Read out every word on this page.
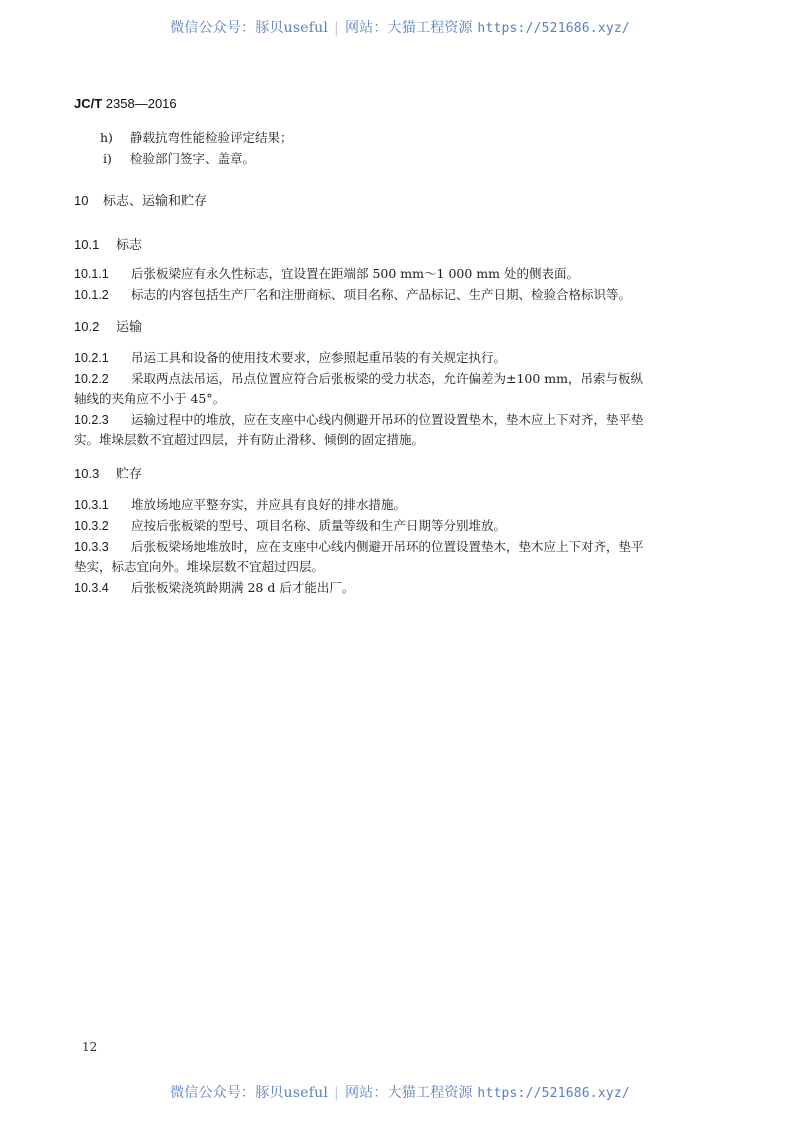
微信公众号：豚贝useful | 网站：大猫工程资源 https://521686.xyz/
JC/T 2358—2016
h) 静载抗弯性能检验评定结果；
i) 检验部门签字、盖章。
10 标志、运输和贮存
10.1 标志
10.1.1 后张板梁应有永久性标志，宜设置在距端部 500 mm～1 000 mm 处的侧表面。
10.1.2 标志的内容包括生产厂名和注册商标、项目名称、产品标记、生产日期、检验合格标识等。
10.2 运输
10.2.1 吊运工具和设备的使用技术要求，应参照起重吊装的有关规定执行。
10.2.2 采取两点法吊运，吊点位置应符合后张板梁的受力状态，允许偏差为±100 mm，吊索与板纵
轴线的夹角应不小于 45°。
10.2.3 运输过程中的堆放，应在支座中心线内侧避开吊环的位置设置垫木，垫木应上下对齐，垫平垫
实。堆垛层数不宜超过四层，并有防止滑移、倾倒的固定措施。
10.3 贮存
10.3.1 堆放场地应平整夯实，并应具有良好的排水措施。
10.3.2 应按后张板梁的型号、项目名称、质量等级和生产日期等分别堆放。
10.3.3 后张板梁场地堆放时，应在支座中心线内侧避开吊环的位置设置垫木，垫木应上下对齐，垫平
垫实，标志宜向外。堆垛层数不宜超过四层。
10.3.4 后张板梁浇筑龄期满 28 d 后才能出厂。
12
微信公众号：豚贝useful | 网站：大猫工程资源 https://521686.xyz/
